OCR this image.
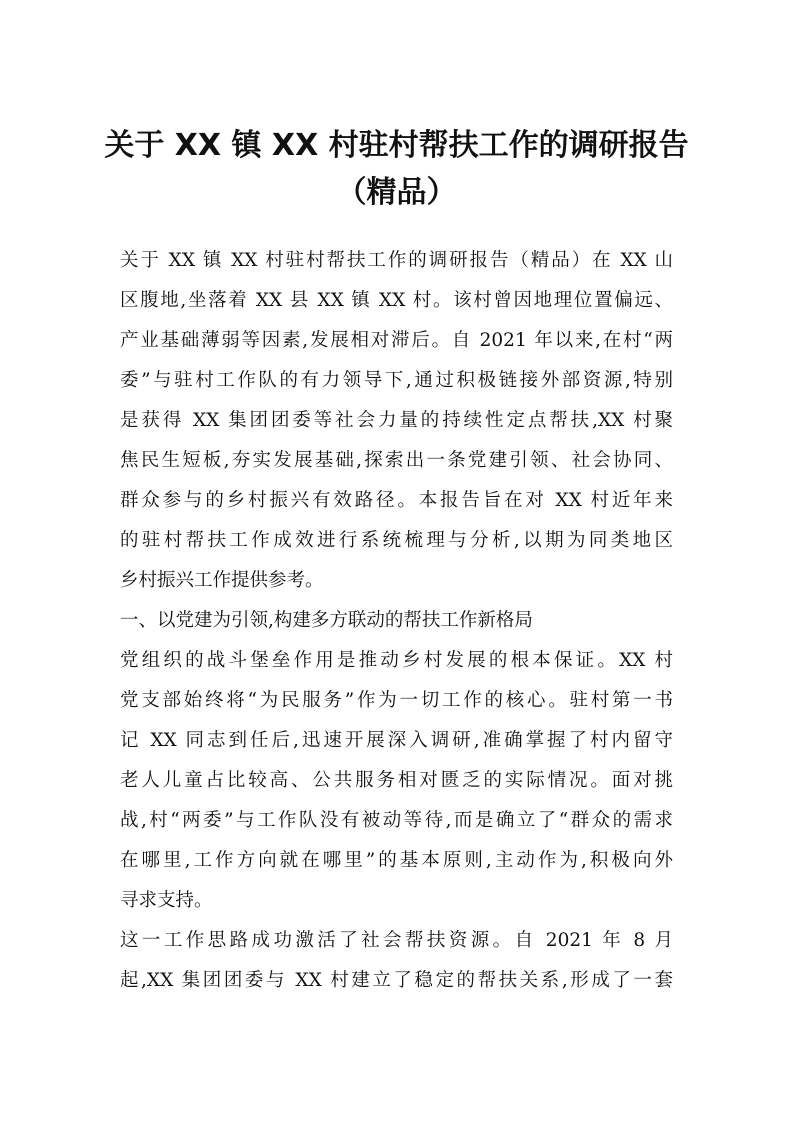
关于 XX 镇 XX 村驻村帮扶工作的调研报告
（精品）

关于 XX 镇 XX 村驻村帮扶工作的调研报告（精品）在 XX 山

区腹地,坐落着 XX 县 XX 镇 XX 村。该村曾因地理位置偏远、

产业基础薄弱等因素,发展相对滞后。自 2021 年以来,在村“两

委”与驻村工作队的有力领导下,通过积极链接外部资源,特别

是获得 XX 集团团委等社会力量的持续性定点帮扶,XX 村聚

焦民生短板,夯实发展基础,探索出一条党建引领、社会协同、

群众参与的乡村振兴有效路径。本报告旨在对 XX 村近年来

的驻村帮扶工作成效进行系统梳理与分析,以期为同类地区

乡村振兴工作提供参考。

一、以党建为引领,构建多方联动的帮扶工作新格局

党组织的战斗堡垒作用是推动乡村发展的根本保证。XX 村

党支部始终将“为民服务”作为一切工作的核心。驻村第一书

记 XX 同志到任后,迅速开展深入调研,准确掌握了村内留守

老人儿童占比较高、公共服务相对匮乏的实际情况。面对挑

战,村“两委”与工作队没有被动等待,而是确立了“群众的需求

在哪里,工作方向就在哪里”的基本原则,主动作为,积极向外

寻求支持。

这一工作思路成功激活了社会帮扶资源。自 2021 年 8 月

起,XX 集团团委与 XX 村建立了稳定的帮扶关系,形成了一套
